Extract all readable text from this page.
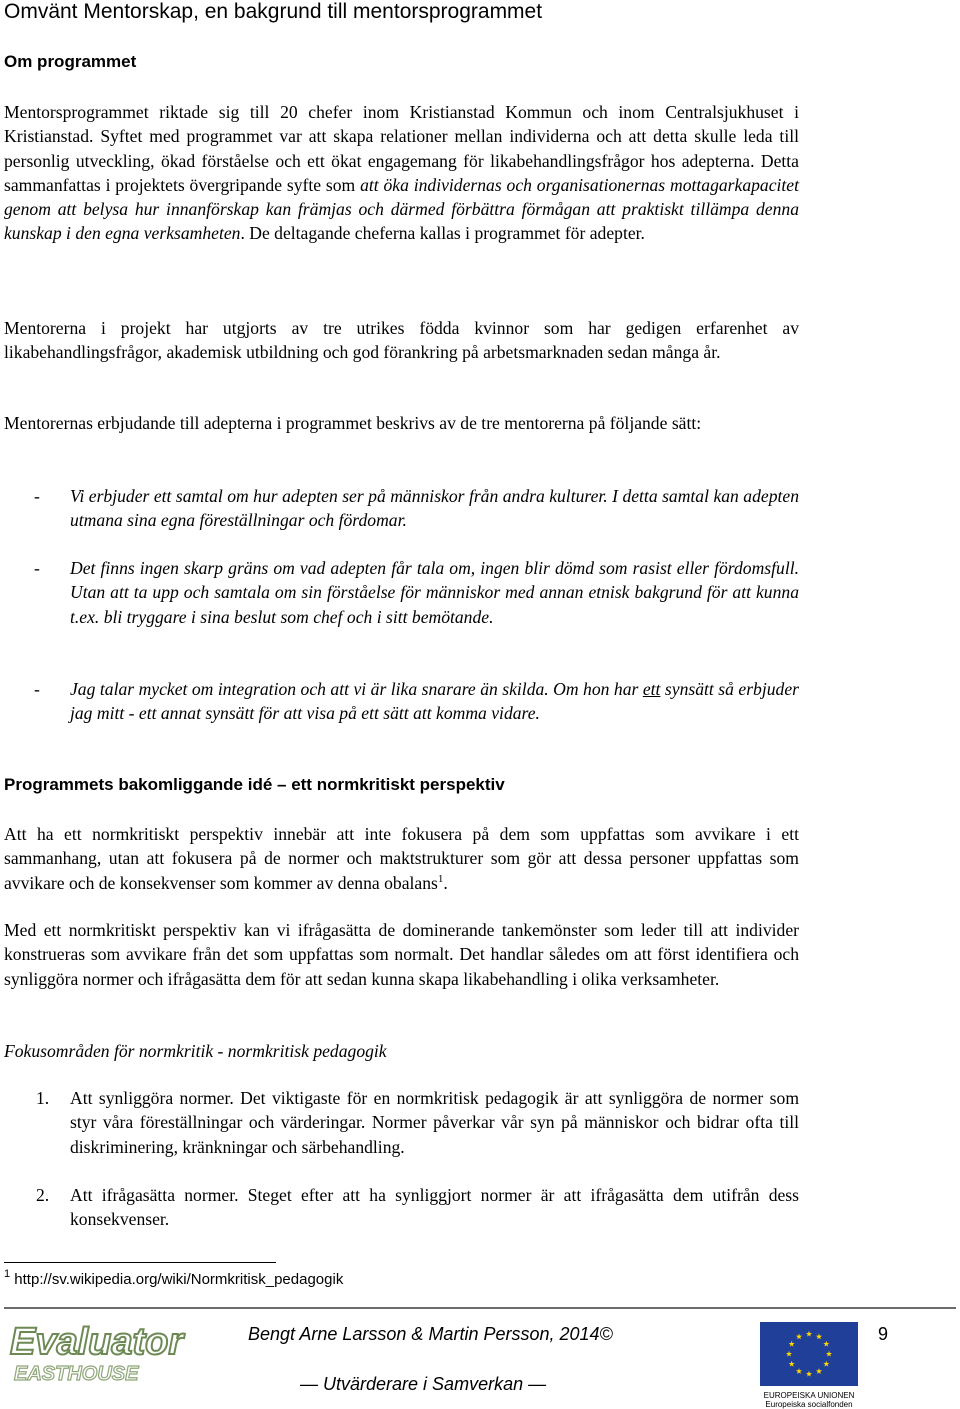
Omvänt Mentorskap, en bakgrund till mentorsprogrammet
Om programmet
Mentorsprogrammet riktade sig till 20 chefer inom Kristianstad Kommun och inom Centralsjukhuset i Kristianstad. Syftet med programmet var att skapa relationer mellan individerna och att detta skulle leda till personlig utveckling, ökad förståelse och ett ökat engagemang för likabehandlingsfrågor hos adepterna. Detta sammanfattas i projektets övergripande syfte som att öka individernas och organisationernas mottagarkapacitet genom att belysa hur innanförskap kan främjas och därmed förbättra förmågan att praktiskt tillämpa denna kunskap i den egna verksamheten. De deltagande cheferna kallas i programmet för adepter.
Mentorerna i projekt har utgjorts av tre utrikes födda kvinnor som har gedigen erfarenhet av likabehandlingsfrågor, akademisk utbildning och god förankring på arbetsmarknaden sedan många år.
Mentorernas erbjudande till adepterna i programmet beskrivs av de tre mentorerna på följande sätt:
- Vi erbjuder ett samtal om hur adepten ser på människor från andra kulturer. I detta samtal kan adepten utmana sina egna föreställningar och fördomar.
- Det finns ingen skarp gräns om vad adepten får tala om, ingen blir dömd som rasist eller fördomsfull. Utan att ta upp och samtala om sin förståelse för människor med annan etnisk bakgrund för att kunna t.ex. bli tryggare i sina beslut som chef och i sitt bemötande.
- Jag talar mycket om integration och att vi är lika snarare än skilda. Om hon har ett synsätt så erbjuder jag mitt - ett annat synsätt för att visa på ett sätt att komma vidare.
Programmets bakomliggande idé – ett normkritiskt perspektiv
Att ha ett normkritiskt perspektiv innebär att inte fokusera på dem som uppfattas som avvikare i ett sammanhang, utan att fokusera på de normer och maktstrukturer som gör att dessa personer uppfattas som avvikare och de konsekvenser som kommer av denna obalans$^1$.
Med ett normkritiskt perspektiv kan vi ifrågasätta de dominerande tankemönster som leder till att individer konstrueras som avvikare från det som uppfattas som normalt. Det handlar således om att först identifiera och synliggöra normer och ifrågasätta dem för att sedan kunna skapa likabehandling i olika verksamheter.
Fokusområden för normkritik - normkritisk pedagogik
1. Att synliggöra normer. Det viktigaste för en normkritisk pedagogik är att synliggöra de normer som styr våra föreställningar och värderingar. Normer påverkar vår syn på människor och bidrar ofta till diskriminering, kränkningar och särbehandling.
2. Att ifrågasätta normer. Steget efter att ha synliggjort normer är att ifrågasätta dem utifrån dess konsekvenser.
$^1$ http://sv.wikipedia.org/wiki/Normkritisk_pedagogik
Evaluator
EASTHOUSE
Bengt Arne Larsson & Martin Persson, 2014©	9
— Utvärderare i Samverkan —
EUROPEISKA UNIONEN
Europeiska socialfonden
